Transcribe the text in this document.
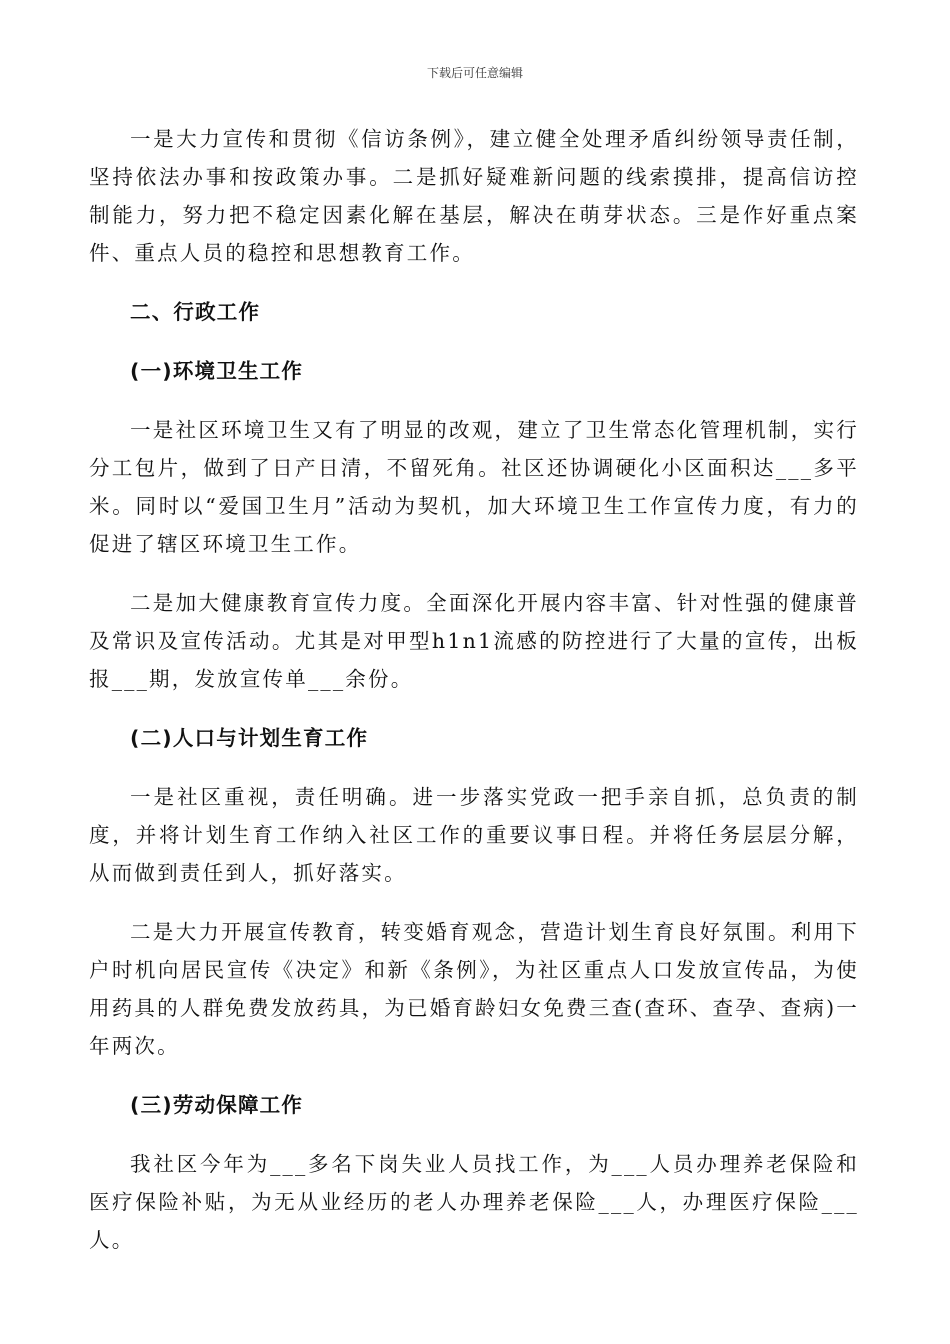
下载后可任意编辑

一是大力宣传和贯彻《信访条例》，建立健全处理矛盾纠纷领导责任制，坚持依法办事和按政策办事。二是抓好疑难新问题的线索摸排，提高信访控制能力，努力把不稳定因素化解在基层，解决在萌芽状态。三是作好重点案件、重点人员的稳控和思想教育工作。

二、行政工作
(一)环境卫生工作

一是社区环境卫生又有了明显的改观，建立了卫生常态化管理机制，实行分工包片，做到了日产日清，不留死角。社区还协调硬化小区面积达___多平米。同时以“爱国卫生月”活动为契机，加大环境卫生工作宣传力度，有力的促进了辖区环境卫生工作。

二是加大健康教育宣传力度。全面深化开展内容丰富、针对性强的健康普及常识及宣传活动。尤其是对甲型h1n1流感的防控进行了大量的宣传，出板报___期，发放宣传单___余份。

(二)人口与计划生育工作

一是社区重视，责任明确。进一步落实党政一把手亲自抓，总负责的制度，并将计划生育工作纳入社区工作的重要议事日程。并将任务层层分解，从而做到责任到人，抓好落实。

二是大力开展宣传教育，转变婚育观念，营造计划生育良好氛围。利用下户时机向居民宣传《决定》和新《条例》，为社区重点人口发放宣传品，为使用药具的人群免费发放药具，为已婚育龄妇女免费三查(查环、查孕、查病)一年两次。

(三)劳动保障工作

我社区今年为___多名下岗失业人员找工作，为___人员办理养老保险和医疗保险补贴，为无从业经历的老人办理养老保险___人，办理医疗保险___人。
